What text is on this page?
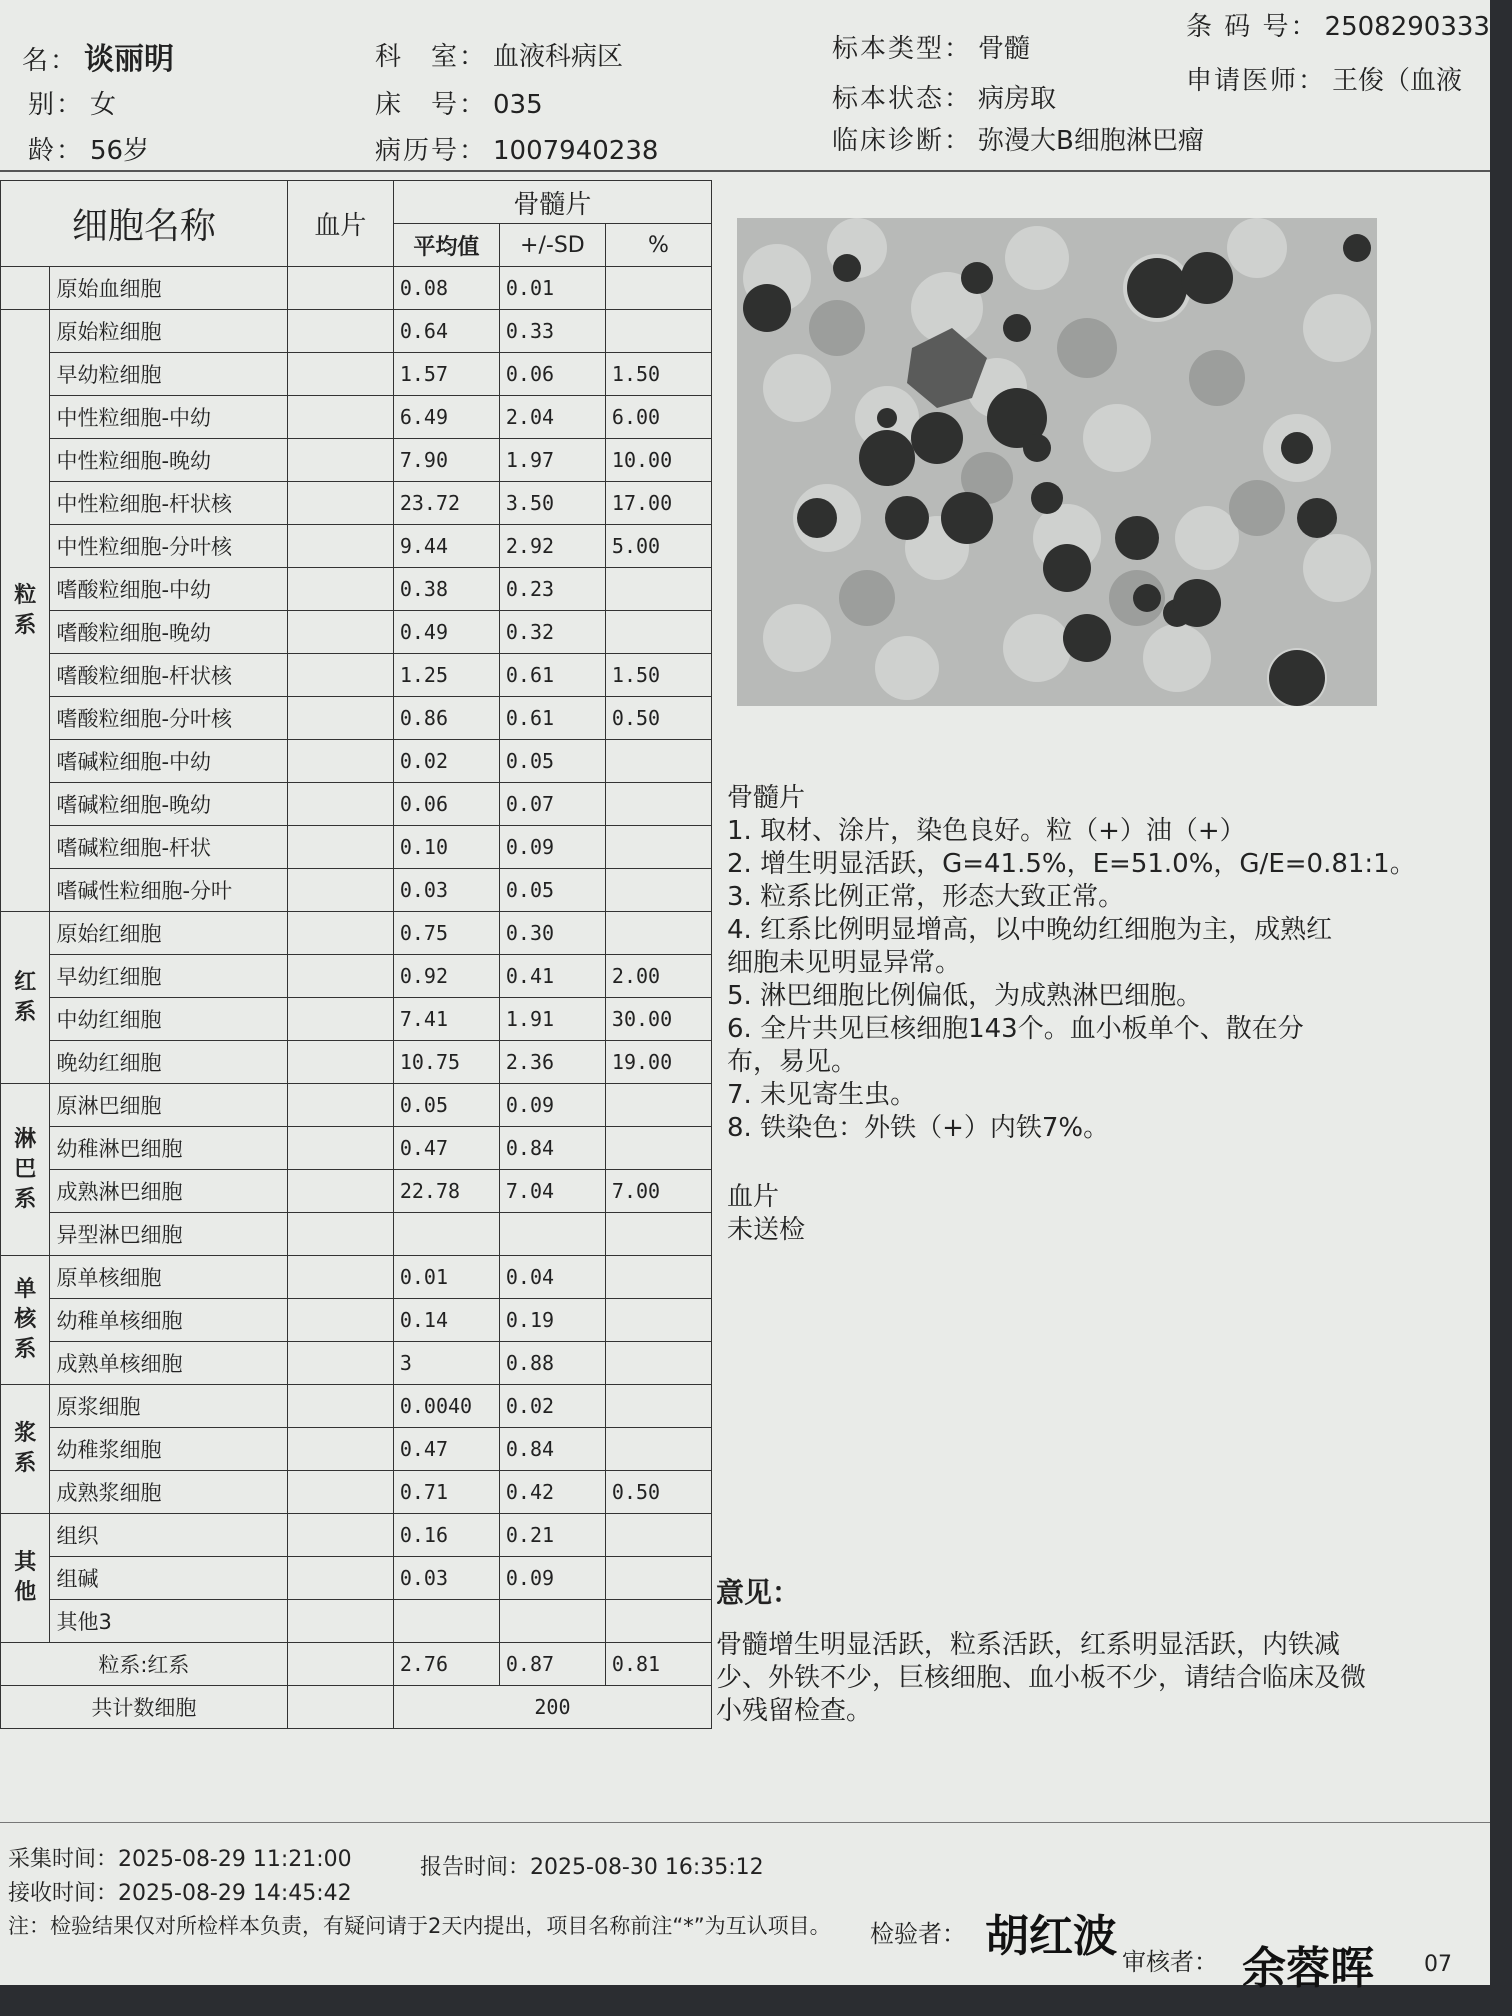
名： 谈丽明
别： 女
龄： 56岁
科　室： 血液科病区
床　号： 035
病历号： 1007940238
标本类型： 骨髓
标本状态： 病房取
临床诊断： 弥漫大B细胞淋巴瘤
条 码 号： 2508290333
申请医师： 王俊（血液
细胞名称		血片	骨髓片		
			平均值	+/-SD	%
	原始血细胞		0.08	0.01	
粒系	原始粒细胞		0.64	0.33	
	早幼粒细胞		1.57	0.06	1.50
	中性粒细胞-中幼		6.49	2.04	6.00
	中性粒细胞-晚幼		7.90	1.97	10.00
	中性粒细胞-杆状核		23.72	3.50	17.00
	中性粒细胞-分叶核		9.44	2.92	5.00
	嗜酸粒细胞-中幼		0.38	0.23	
	嗜酸粒细胞-晚幼		0.49	0.32	
	嗜酸粒细胞-杆状核		1.25	0.61	1.50
	嗜酸粒细胞-分叶核		0.86	0.61	0.50
	嗜碱粒细胞-中幼		0.02	0.05	
	嗜碱粒细胞-晚幼		0.06	0.07	
	嗜碱粒细胞-杆状		0.10	0.09	
	嗜碱性粒细胞-分叶		0.03	0.05	
红系	原始红细胞		0.75	0.30	
	早幼红细胞		0.92	0.41	2.00
	中幼红细胞		7.41	1.91	30.00
	晚幼红细胞		10.75	2.36	19.00
淋巴系	原淋巴细胞		0.05	0.09	
	幼稚淋巴细胞		0.47	0.84	
	成熟淋巴细胞		22.78	7.04	7.00
	异型淋巴细胞				
单核系	原单核细胞		0.01	0.04	
	幼稚单核细胞		0.14	0.19	
	成熟单核细胞		3	0.88	
浆系	原浆细胞		0.0040	0.02	
	幼稚浆细胞		0.47	0.84	
	成熟浆细胞		0.71	0.42	0.50
其他	组织		0.16	0.21	
	组碱		0.03	0.09	
	其他3				
粒系:红系			2.76	0.87	0.81
共计数细胞			200		
骨髓片
1. 取材、涂片，染色良好。粒（+）油（+）
2. 增生明显活跃，G=41.5%，E=51.0%，G/E=0.81:1。
3. 粒系比例正常，形态大致正常。
4. 红系比例明显增高，以中晚幼红细胞为主，成熟红
细胞未见明显异常。
5. 淋巴细胞比例偏低，为成熟淋巴细胞。
6. 全片共见巨核细胞143个。血小板单个、散在分
布，易见。
7. 未见寄生虫。
8. 铁染色：外铁（+）内铁7%。
血片
未送检
意见：
骨髓增生明显活跃，粒系活跃，红系明显活跃，内铁减少、外铁不少，巨核细胞、血小板不少，请结合临床及微小残留检查。
采集时间：2025-08-29 11:21:00	报告时间：2025-08-30 16:35:12
接收时间：2025-08-29 14:45:42
注：检验结果仅对所检样本负责，有疑问请于2天内提出，项目名称前注“*”为互认项目。 检验者： 胡红波 审核者： 余蓉晖 07
